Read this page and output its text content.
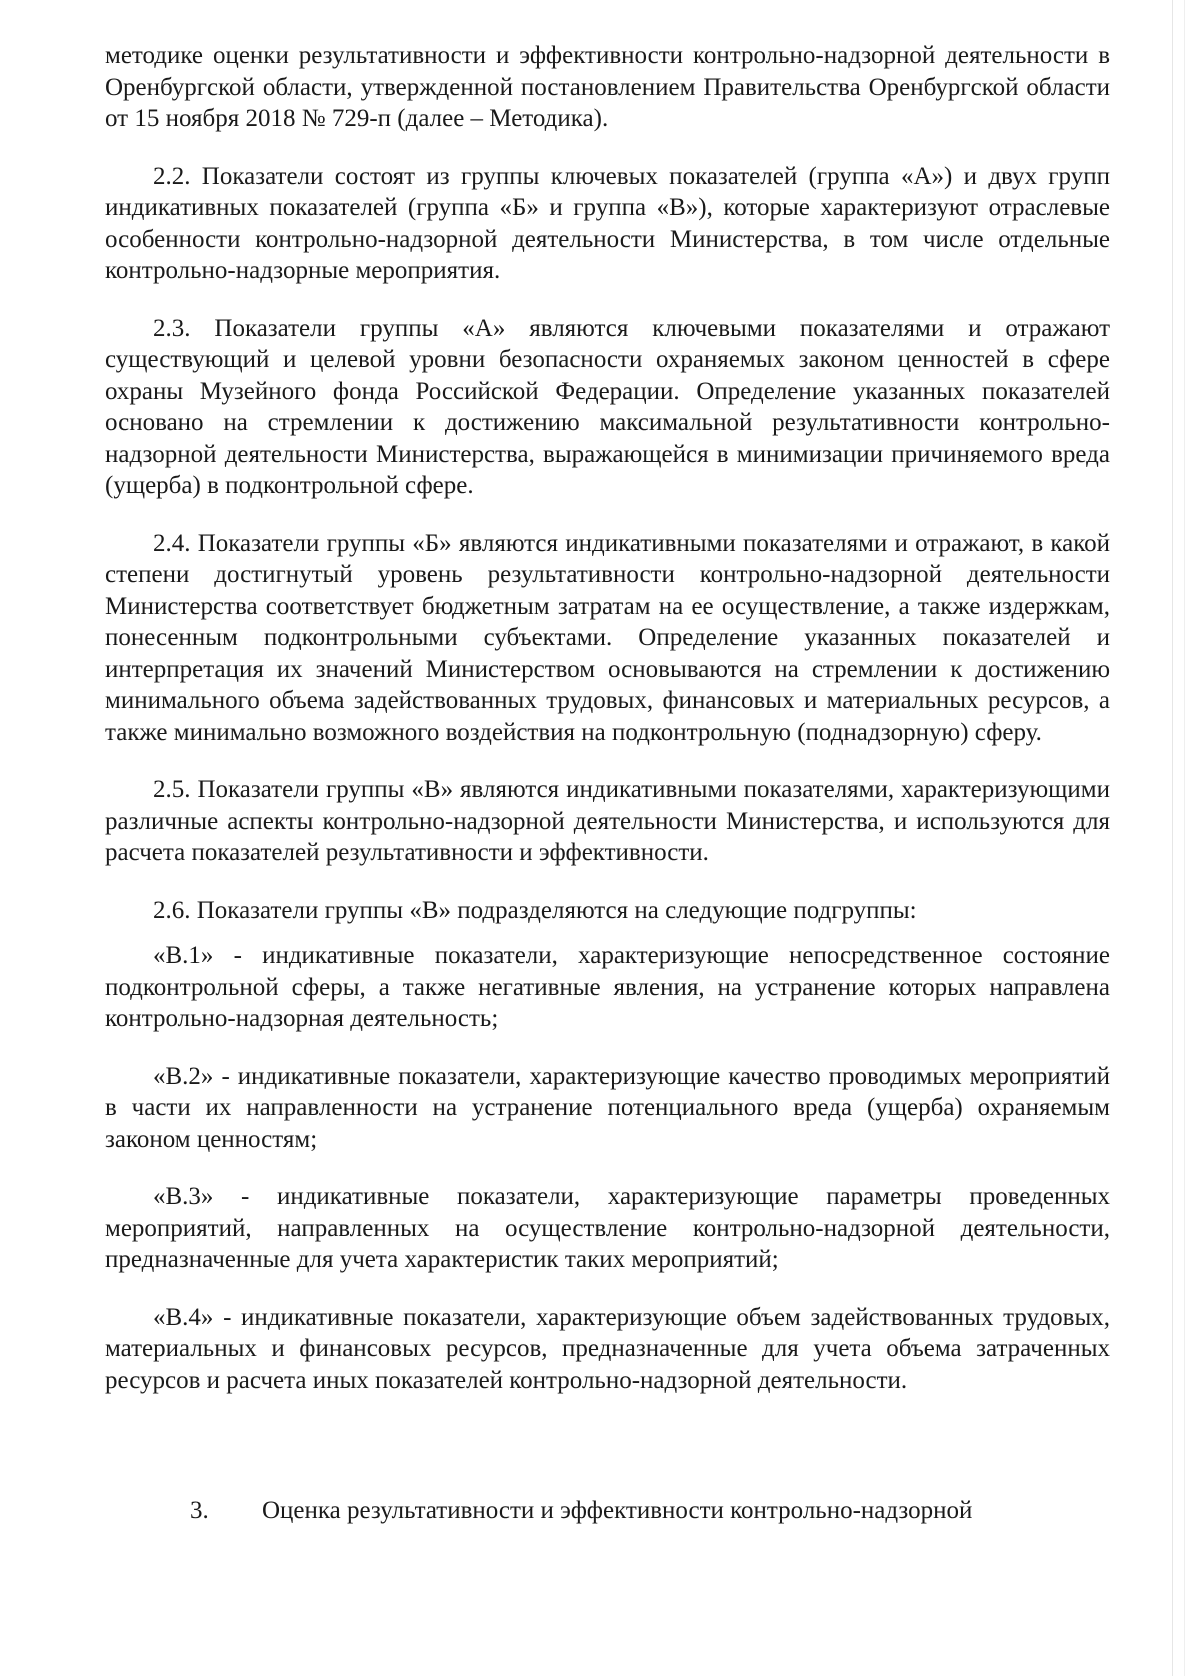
методике оценки результативности и эффективности контрольно-надзорной деятельности в Оренбургской области, утвержденной постановлением Правительства Оренбургской области от 15 ноября 2018 № 729-п (далее – Методика).

2.2. Показатели состоят из группы ключевых показателей (группа «А») и двух групп индикативных показателей (группа «Б» и группа «В»), которые характеризуют отраслевые особенности контрольно-надзорной деятельности Министерства, в том числе отдельные контрольно-надзорные мероприятия.

2.3. Показатели группы «А» являются ключевыми показателями и отражают существующий и целевой уровни безопасности охраняемых законом ценностей в сфере охраны Музейного фонда Российской Федерации. Определение указанных показателей основано на стремлении к достижению максимальной результативности контрольно-надзорной деятельности Министерства, выражающейся в минимизации причиняемого вреда (ущерба) в подконтрольной сфере.

2.4. Показатели группы «Б» являются индикативными показателями и отражают, в какой степени достигнутый уровень результативности контрольно-надзорной деятельности Министерства соответствует бюджетным затратам на ее осуществление, а также издержкам, понесенным подконтрольными субъектами. Определение указанных показателей и интерпретация их значений Министерством основываются на стремлении к достижению минимального объема задействованных трудовых, финансовых и материальных ресурсов, а также минимально возможного воздействия на подконтрольную (поднадзорную) сферу.

2.5. Показатели группы «В» являются индикативными показателями, характеризующими различные аспекты контрольно-надзорной деятельности Министерства, и используются для расчета показателей результативности и эффективности.

2.6. Показатели группы «В» подразделяются на следующие подгруппы:

«В.1» - индикативные показатели, характеризующие непосредственное состояние подконтрольной сферы, а также негативные явления, на устранение которых направлена контрольно-надзорная деятельность;

«В.2» - индикативные показатели, характеризующие качество проводимых мероприятий в части их направленности на устранение потенциального вреда (ущерба) охраняемым законом ценностям;

«В.3» - индикативные показатели, характеризующие параметры проведенных мероприятий, направленных на осуществление контрольно-надзорной деятельности, предназначенные для учета характеристик таких мероприятий;

«В.4» - индикативные показатели, характеризующие объем задействованных трудовых, материальных и финансовых ресурсов, предназначенные для учета объема затраченных ресурсов и расчета иных показателей контрольно-надзорной деятельности.

3. Оценка результативности и эффективности контрольно-надзорной
